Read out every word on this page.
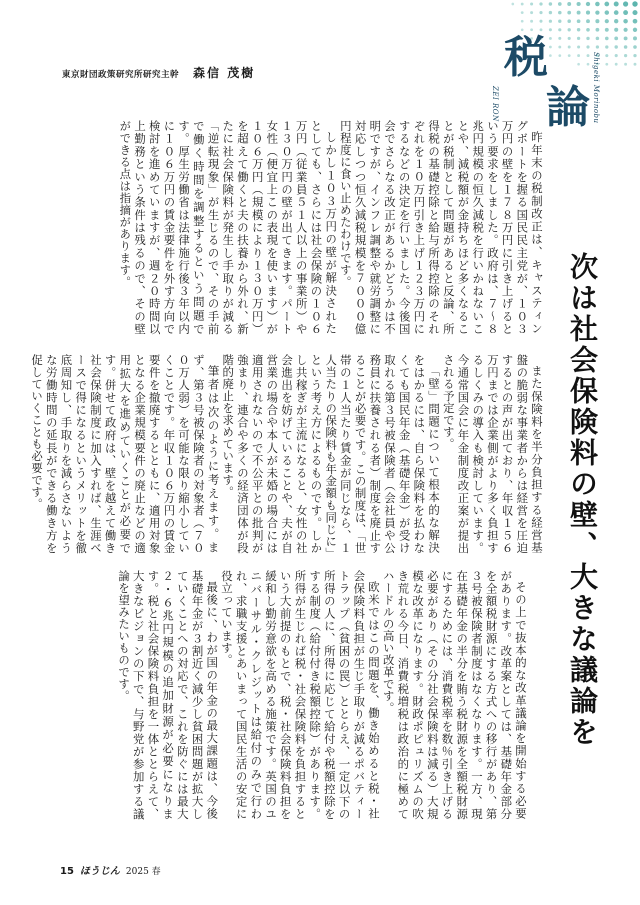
東京財団政策研究所研究主幹 森信 茂樹	税
論 Shigeki Morinobu
ZEI RON
次は社会保険料の壁、大きな議論を

昨年末の税制改正は、キャスティングボートを握る国民民主党が、１０３万円の壁を１７８万円に引き上げるという要求をしました。政府は、７〜８兆円規模の恒久減税を行いかねないことや、減税額が金持ちほど多くなることが税制として問題があると反論、所得税の基礎控除と給与所得控除のそれぞれを１０万円引き上げ１２３万円にするなどの決定を行いました。今後国会でさらなる改正があるかどうかは不明ですが、インフレ調整や就労調整に対応しつつ恒久減税規模を７０００億円程度に食い止めたわけです。

しかし１０３万円の壁が解決されたとしても、さらには社会保険の１０６万円（従業員５１人以上の事業所）や１３０万円の壁が出てきます。パート女性（便宜上この表現を使います）が１０６万円（規模により１３０万円）を超えて働くと夫の扶養から外れ、新たに社会保険料が発生し手取りが減る「逆転現象」が生じるので、その手前で働く時間を調整するという問題です。厚生労働省は法律施行後３年以内に１０６万円の賃金要件を外す方向で検討を進めていますが、週２０時間以上勤務という条件は残るので、その壁ができる点は指摘があります。

また保険料を半分負担する経営基盤の脆弱な事業者からは経営を圧迫するとの声が出ており、年収１５６万円までは企業側がより多く負担するしくみの導入も検討しています。今通常国会に年金制度改正案が提出される予定です。

「壁」問題について根本的な解決をはかるには、自ら保険料を払わなくても国民年金（基礎年金）が受け取れる第３号被保険者（会社員や公務員に扶養される者）制度を廃止することが必要です。この制度は、「世帯の１人当たり賃金が同じなら、１人当たりの保険料も年金額も同じに」という考え方によるものです。しかし共稼ぎが主流になると、女性の社会進出を妨げていることや、夫が自営業の場合や本人が未婚の場合には適用されないので不公平との批判が強まり、連合や多くの経済団体が段階的廃止を求めています。

筆者は次のように考えます。まず、第３号被保険者の対象者（７００万人弱）を可能な限り縮小していくことです。年収１０６万円の賃金要件を撤廃するとともに、適用対象となる企業規模要件の廃止などの適用拡大を進めていくことが必要です。併せて政府は、壁を越えて働き社会保険制度に加入すれば、生涯ベースで得になるというメリットを徹底周知し、手取りを減らさないような労働時間の延長ができる働き方を促していくことも必要です。

その上で抜本的な改革議論を開始する必要があります。改革案としては、基礎年金部分を全額税財源にする方式への移行があり、第３号被保険者制度はなくなります。一方、現在基礎年金の半分を賄う税財源を全額税財源にするためには、消費税率を数％引き上げる必要があり（その分社会保険料は減る）大規模な改革になります。財政ポピュリズムの吹き荒れる今日、消費税増税は政治的に極めてハードルの高い改革です。

欧米ではこの問題を、働き始めると税・社会保険料負担が生じ手取りが減るポバティートラップ（貧困の罠）ととらえ、一定以下の所得の人に、所得に応じて給付や税額控除をする制度（給付付き税額控除）があります。所得が生じれば税・社会保険料を負担するという大前提のもとで、税・社会保険料負担を緩和し勤労意欲を高める施策です。英国のユニバーサル・クレジットは給付のみで行われ、求職支援とあいまって国民生活の安定に役立っています。

最後に、わが国の年金の最大課題は、今後基礎年金が３割近く減少し貧困問題が拡大していくことへの対応で、これを防ぐには最大２・６兆円規模の追加財源が必要になります。税と社会保険料負担を一体ととらえて、大きなビジョンの下で、与野党が参加する議論を望みたいものです。

15 ほうじん 2025 春
